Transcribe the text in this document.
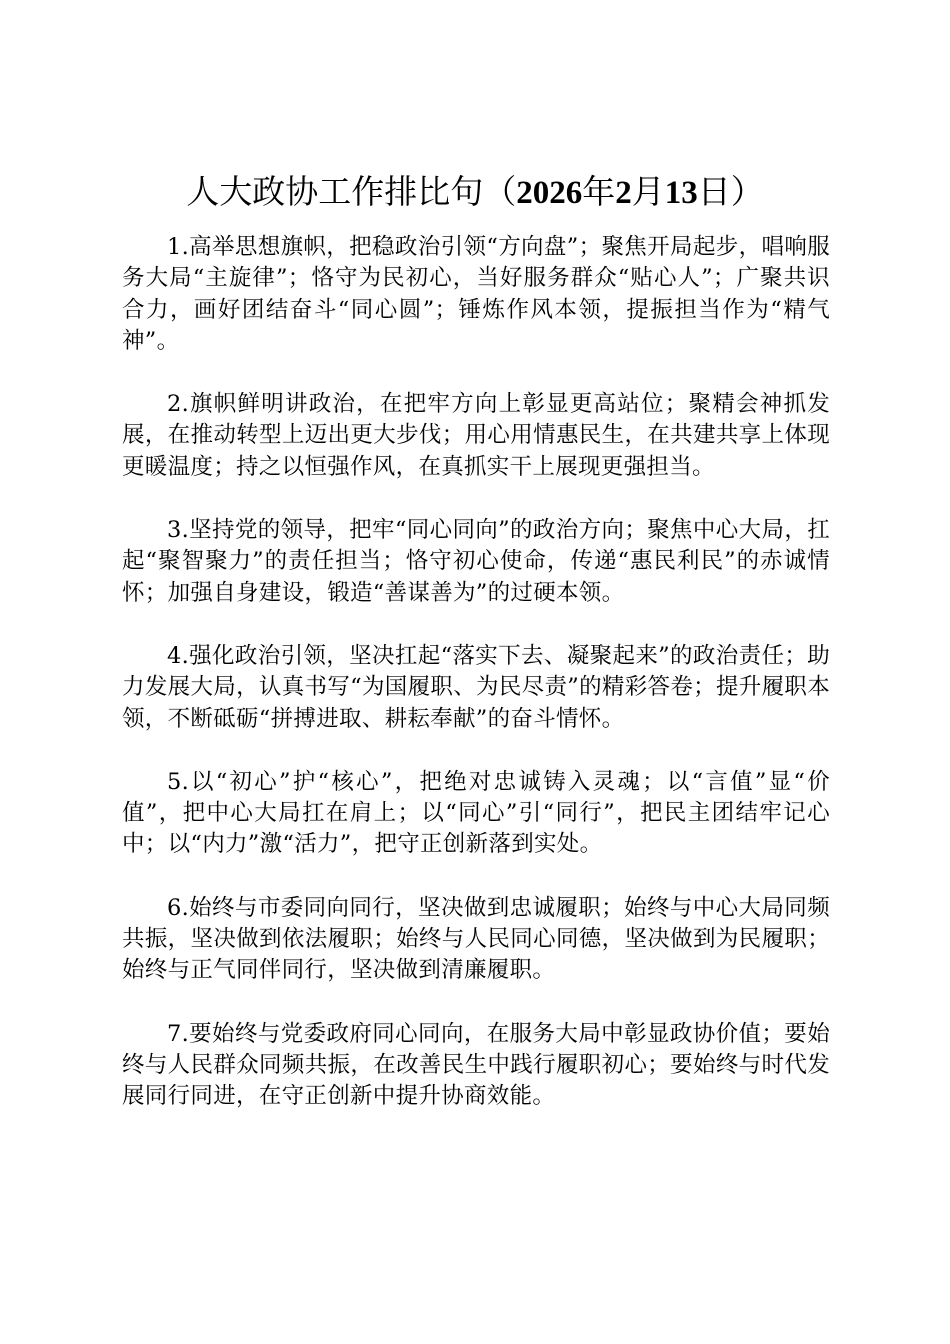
人大政协工作排比句（2026年2月13日）

1.高举思想旗帜，把稳政治引领“方向盘”；聚焦开局起步，唱响服务大局“主旋律”；恪守为民初心，当好服务群众“贴心人”；广聚共识合力，画好团结奋斗“同心圆”；锤炼作风本领，提振担当作为“精气神”。

2.旗帜鲜明讲政治，在把牢方向上彰显更高站位；聚精会神抓发展，在推动转型上迈出更大步伐；用心用情惠民生，在共建共享上体现更暖温度；持之以恒强作风，在真抓实干上展现更强担当。

3.坚持党的领导，把牢“同心同向”的政治方向；聚焦中心大局，扛起“聚智聚力”的责任担当；恪守初心使命，传递“惠民利民”的赤诚情怀；加强自身建设，锻造“善谋善为”的过硬本领。

4.强化政治引领，坚决扛起“落实下去、凝聚起来”的政治责任；助力发展大局，认真书写“为国履职、为民尽责”的精彩答卷；提升履职本领，不断砥砺“拼搏进取、耕耘奉献”的奋斗情怀。

5.以“初心”护“核心”，把绝对忠诚铸入灵魂；以“言值”显“价值”，把中心大局扛在肩上；以“同心”引“同行”，把民主团结牢记心中；以“内力”激“活力”，把守正创新落到实处。

6.始终与市委同向同行，坚决做到忠诚履职；始终与中心大局同频共振，坚决做到依法履职；始终与人民同心同德，坚决做到为民履职；始终与正气同伴同行，坚决做到清廉履职。

7.要始终与党委政府同心同向，在服务大局中彰显政协价值；要始终与人民群众同频共振，在改善民生中践行履职初心；要始终与时代发展同行同进，在守正创新中提升协商效能。
